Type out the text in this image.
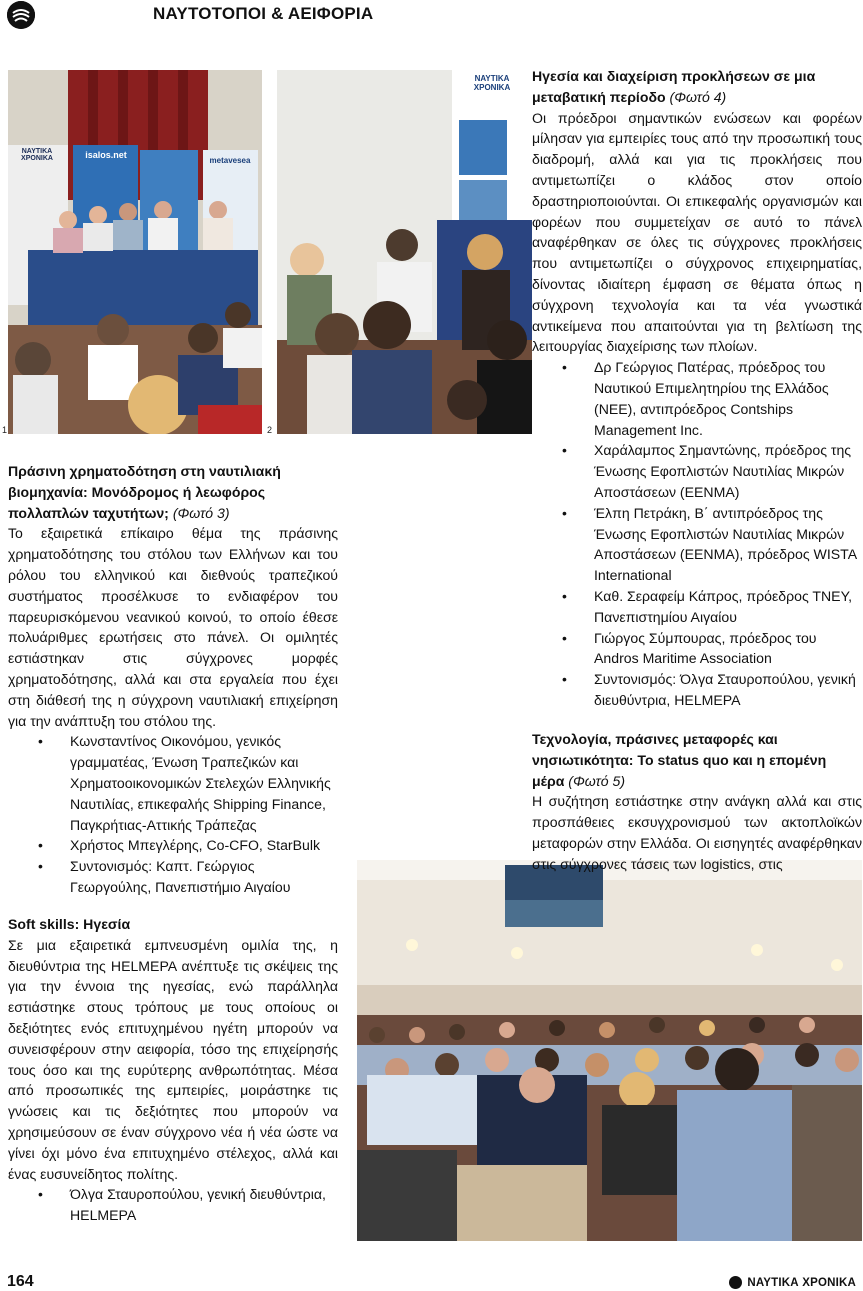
ΝΑΥΤΟΤΟΠΟΙ & ΑΕΙΦΟΡΙΑ
ΝΑΥΤΙΚΑ ΧΡΟΝΙΚΑ	isalos.net
metavesea
1
ΝΑΥΤΙΚΑ ΧΡΟΝΙΚΑ
2
Πράσινη χρηματοδότηση στη ναυτιλιακή βιομηχανία: Μονόδρομος ή λεωφόρος πολλαπλών ταχυτήτων; (Φωτό 3)

Το εξαιρετικά επίκαιρο θέμα της πράσινης χρηματοδότησης του στόλου των Ελλήνων και του ρόλου του ελληνικού και διεθνούς τραπεζικού συστήματος προσέλκυσε το ενδιαφέρον του παρευρισκόμενου νεανικού κοινού, το οποίο έθεσε πολυάριθμες ερωτήσεις στο πάνελ. Οι ομιλητές εστιάστηκαν στις σύγχρονες μορφές χρηματοδότησης, αλλά και στα εργαλεία που έχει στη διάθεσή της η σύγχρονη ναυτιλιακή επιχείρηση για την ανάπτυξη του στόλου της.

• Κωνσταντίνος Οικονόμου, γενικός γραμματέας, Ένωση Τραπεζικών και Χρηματοοικονομικών Στελεχών Ελληνικής Ναυτιλίας, επικεφαλής Shipping Finance, Παγκρήτιας-Αττικής Τράπεζας
• Χρήστος Μπεγλέρης, Co-CFO, StarBulk
• Συντονισμός: Καπτ. Γεώργιος Γεωργούλης, Πανεπιστήμιο Αιγαίου
Soft skills: Ηγεσία

Σε μια εξαιρετικά εμπνευσμένη ομιλία της, η διευθύντρια της HELMEPA ανέπτυξε τις σκέψεις της για την έννοια της ηγεσίας, ενώ παράλληλα εστιάστηκε στους τρόπους με τους οποίους οι δεξιότητες ενός επιτυχημένου ηγέτη μπορούν να συνεισφέρουν στην αειφορία, τόσο της επιχείρησής τους όσο και της ευρύτερης ανθρωπότητας. Μέσα από προσωπικές της εμπειρίες, μοιράστηκε τις γνώσεις και τις δεξιότητες που μπορούν να χρησιμεύσουν σε έναν σύγχρονο νέα ή νέα ώστε να γίνει όχι μόνο ένα επιτυχημένο στέλεχος, αλλά και ένας ευσυνείδητος πολίτης.

• Όλγα Σταυροπούλου, γενική διευθύντρια, HELMEPA
Ηγεσία και διαχείριση προκλήσεων σε μια μεταβατική περίοδο (Φωτό 4)

Οι πρόεδροι σημαντικών ενώσεων και φορέων μίλησαν για εμπειρίες τους από την προσωπική τους διαδρομή, αλλά και για τις προκλήσεις που αντιμετωπίζει ο κλάδος στον οποίο δραστηριοποιούνται. Οι επικεφαλής οργανισμών και φορέων που συμμετείχαν σε αυτό το πάνελ αναφέρθηκαν σε όλες τις σύγχρονες προκλήσεις που αντιμετωπίζει ο σύγχρονος επιχειρηματίας, δίνοντας ιδιαίτερη έμφαση σε θέματα όπως η σύγχρονη τεχνολογία και τα νέα γνωστικά αντικείμενα που απαιτούνται για τη βελτίωση της λειτουργίας διαχείρισης των πλοίων.

• Δρ Γεώργιος Πατέρας, πρόεδρος του Ναυτικού Επιμελητηρίου της Ελλάδος (ΝΕΕ), αντιπρόεδρος Contships Management Inc.
• Χαράλαμπος Σημαντώνης, πρόεδρος της Ένωσης Εφοπλιστών Ναυτιλίας Μικρών Αποστάσεων (ΕΕΝΜΑ)
• Έλπη Πετράκη, Β΄ αντιπρόεδρος της Ένωσης Εφοπλιστών Ναυτιλίας Μικρών Αποστάσεων (ΕΕΝΜΑ), πρόεδρος WISTA International
• Καθ. Σεραφείμ Κάπρος, πρόεδρος ΤΝΕΥ, Πανεπιστημίου Αιγαίου
• Γιώργος Σύμπουρας, πρόεδρος του Andros Maritime Association
• Συντονισμός: Όλγα Σταυροπούλου, γενική διευθύντρια, HELMEPA
Τεχνολογία, πράσινες μεταφορές και νησιωτικότητα: Το status quo και η επομένη μέρα (Φωτό 5)

Η συζήτηση εστιάστηκε στην ανάγκη αλλά και στις προσπάθειες εκσυγχρονισμού των ακτοπλοϊκών μεταφορών στην Ελλάδα. Οι εισηγητές αναφέρθηκαν στις σύγχρονες τάσεις των logistics, στις

164	ΝΑΥΤΙΚΑ ΧΡΟΝΙΚΑ
